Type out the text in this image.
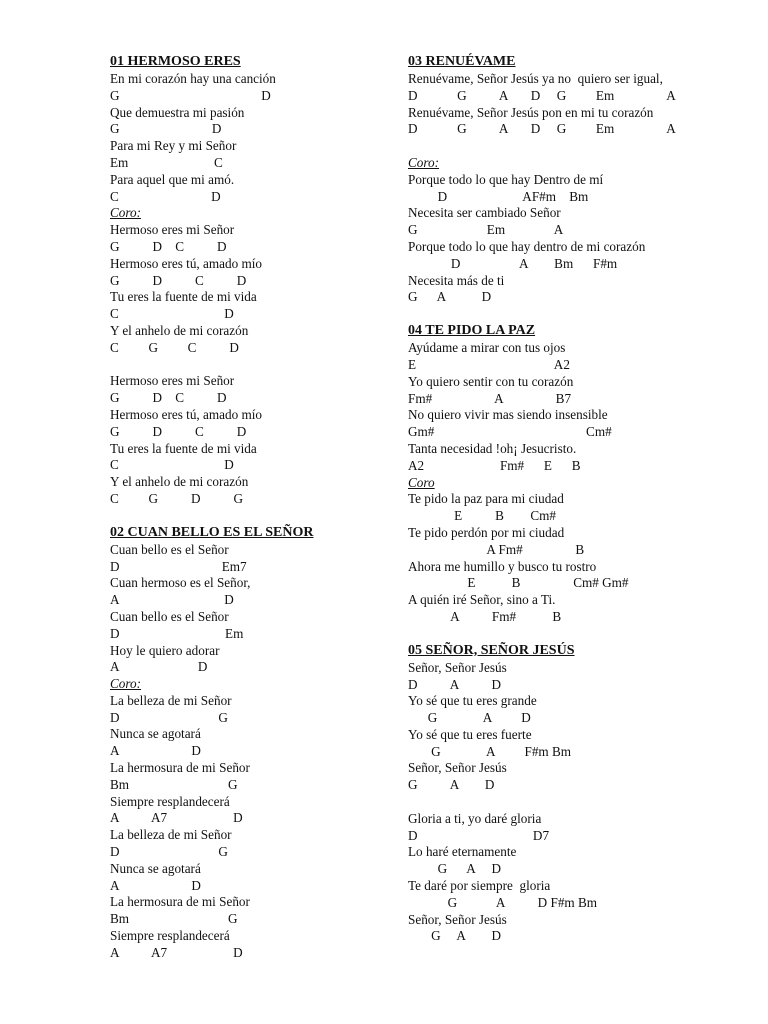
01 HERMOSO ERES
En mi corazón hay una canción
G                                           D
Que demuestra mi pasión
G                            D
Para mi Rey y mi Señor
Em                          C
Para aquel que mi amó.
C                            D
Coro:
Hermoso eres mi Señor
G          D    C          D
Hermoso eres tú, amado mío
G          D          C          D
Tu eres la fuente de mi vida
C                                D
Y el anhelo de mi corazón
C         G         C          D
Hermoso eres mi Señor
G          D    C          D
Hermoso eres tú, amado mío
G          D          C          D
Tu eres la fuente de mi vida
C                                D
Y el anhelo de mi corazón
C         G          D          G
02 CUAN BELLO ES EL SEÑOR
Cuan bello es el Señor
D                               Em7
Cuan hermoso es el Señor,
A                                D
Cuan bello es el Señor
D                                Em
Hoy le quiero adorar
A                        D
Coro:
La belleza de mi Señor
D                              G
Nunca se agotará
A                      D
La hermosura de mi Señor
Bm                              G
Siempre resplandecerá
A          A7                    D
La belleza de mi Señor
D                              G
Nunca se agotará
A                      D
La hermosura de mi Señor
Bm                              G
Siempre resplandecerá
A          A7                    D
03 RENUÉVAME
Renuévame, Señor Jesús ya no  quiero ser igual,
D            G          A       D     G         Em                A
Renuévame, Señor Jesús pon en mi tu corazón
D            G          A       D     G         Em                A
Coro:
Porque todo lo que hay Dentro de mí
D                       AF#m    Bm
Necesita ser cambiado Señor
G                     Em               A
Porque todo lo que hay dentro de mi corazón
D                  A        Bm      F#m
Necesita más de ti
G      A           D
04 TE PIDO LA PAZ
Ayúdame a mirar con tus ojos
E                                          A2
Yo quiero sentir con tu corazón
Fm#                   A                B7
No quiero vivir mas siendo insensible
Gm#                                              Cm#
Tanta necesidad !oh¡ Jesucristo.
A2                       Fm#      E      B
Coro
Te pido la paz para mi ciudad
E          B        Cm#
Te pido perdón por mi ciudad
A Fm#                B
Ahora me humillo y busco tu rostro
E           B                Cm# Gm#
A quién iré Señor, sino a Ti.
A          Fm#           B
05 SEÑOR, SEÑOR JESÚS
Señor, Señor Jesús
D          A          D
Yo sé que tu eres grande
G              A         D
Yo sé que tu eres fuerte
G              A         F#m Bm
Señor, Señor Jesús
G          A        D
Gloria a ti, yo daré gloria
D                                   D7
Lo haré eternamente
G      A     D
Te daré por siempre  gloria
G            A          D F#m Bm
Señor, Señor Jesús
G     A        D
